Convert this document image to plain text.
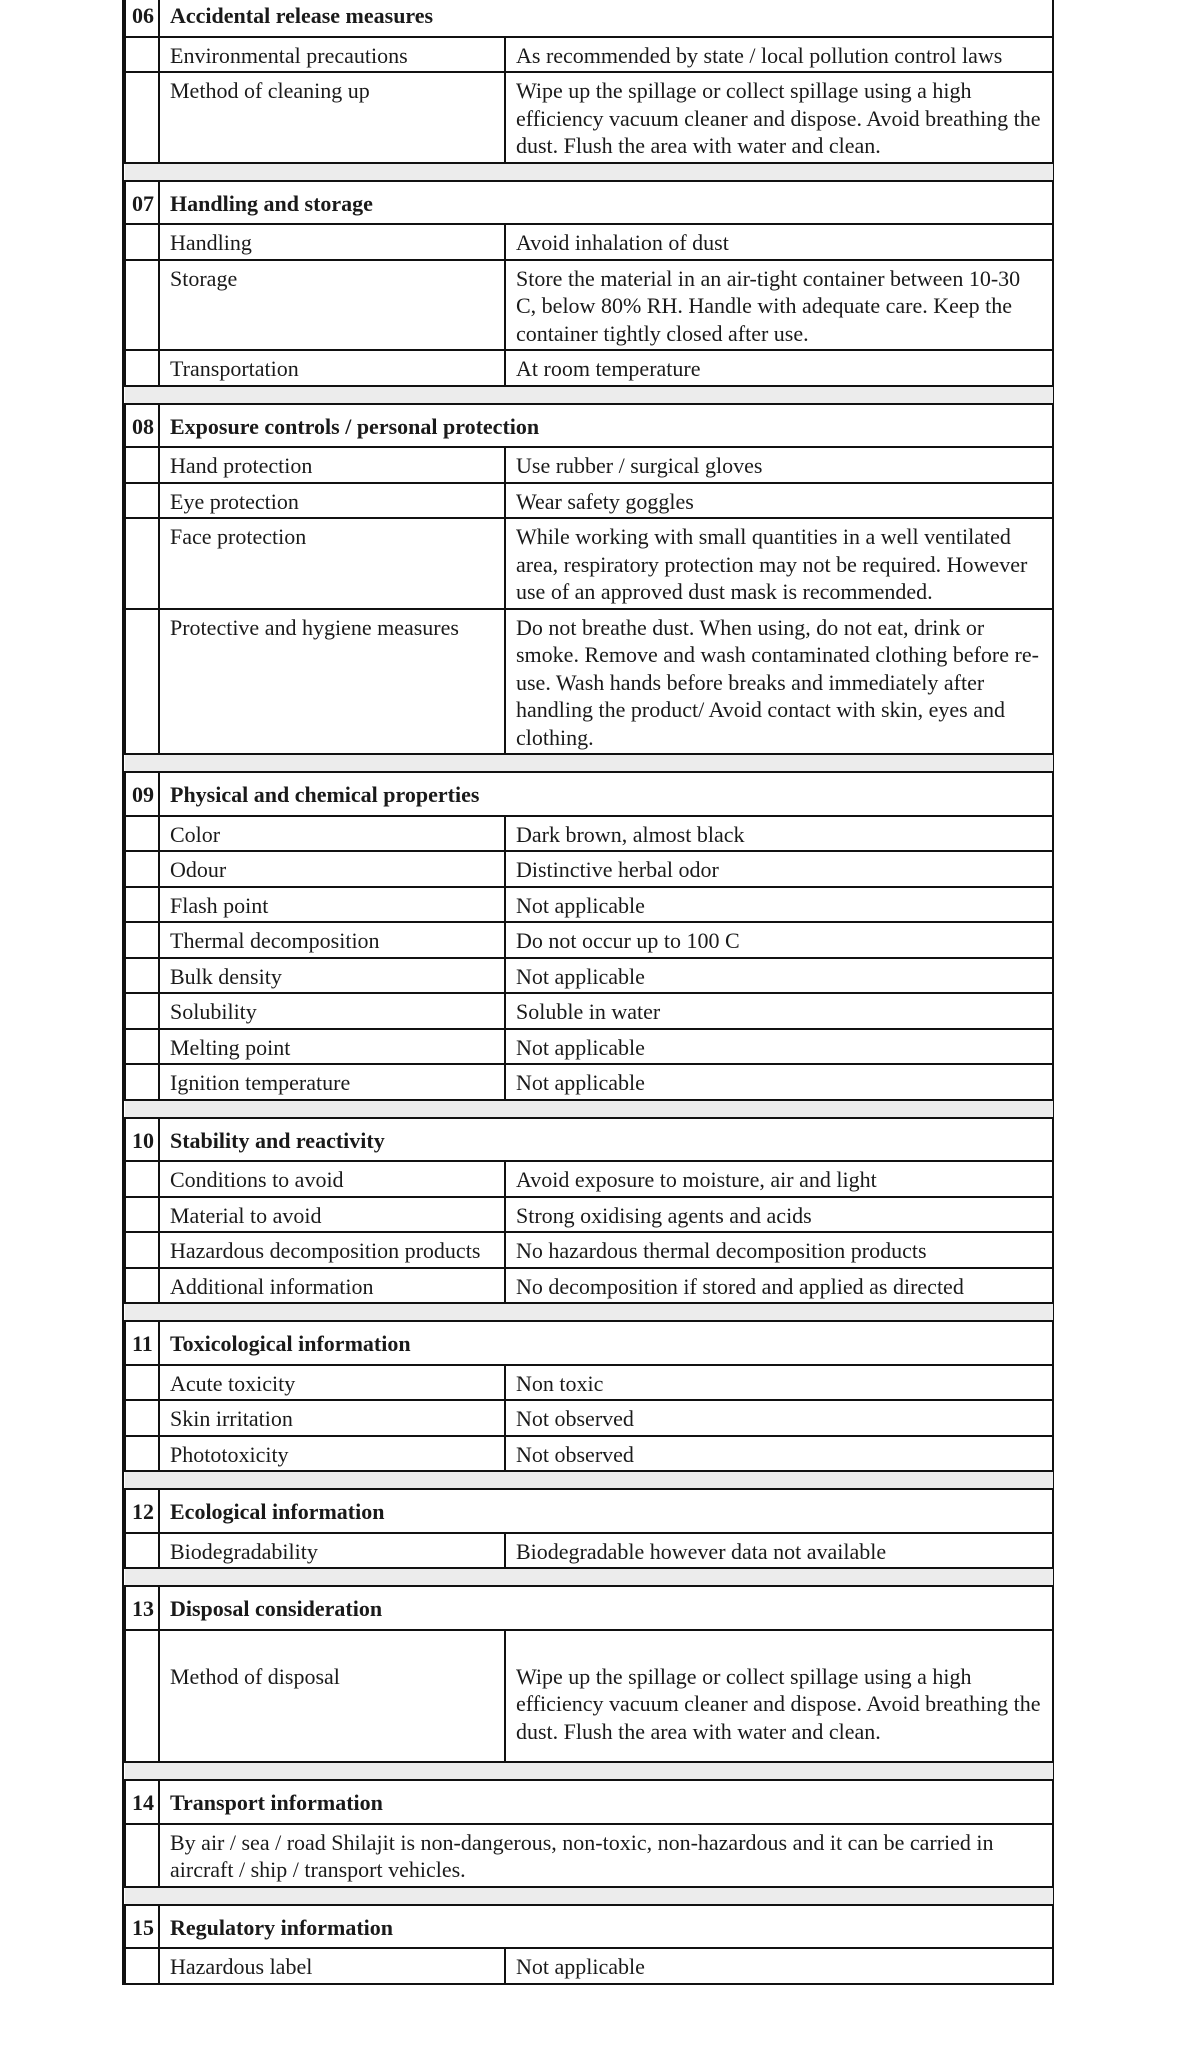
06	Accidental release measures	
	Environmental precautions	As recommended by state / local pollution control laws
	Method of cleaning up	Wipe up the spillage or collect spillage using a high efficiency vacuum cleaner and dispose. Avoid breathing the dust. Flush the area with water and clean.

07	Handling and storage	
	Handling	Avoid inhalation of dust
	Storage	Store the material in an air-tight container between 10-30 C, below 80% RH. Handle with adequate care. Keep the container tightly closed after use.
	Transportation	At room temperature

08	Exposure controls / personal protection	
	Hand protection	Use rubber / surgical gloves
	Eye protection	Wear safety goggles
	Face protection	While working with small quantities in a well ventilated area, respiratory protection may not be required. However use of an approved dust mask is recommended.
	Protective and hygiene measures	Do not breathe dust. When using, do not eat, drink or smoke. Remove and wash contaminated clothing before re-use. Wash hands before breaks and immediately after handling the product/ Avoid contact with skin, eyes and clothing.

09	Physical and chemical properties	
	Color	Dark brown, almost black
	Odour	Distinctive herbal odor
	Flash point	Not applicable
	Thermal decomposition	Do not occur up to 100 C
	Bulk density	Not applicable
	Solubility	Soluble in water
	Melting point	Not applicable
	Ignition temperature	Not applicable

10	Stability and reactivity	
	Conditions to avoid	Avoid exposure to moisture, air and light
	Material to avoid	Strong oxidising agents and acids
	Hazardous decomposition products	No hazardous thermal decomposition products
	Additional information	No decomposition if stored and applied as directed

11	Toxicological information	
	Acute toxicity	Non toxic
	Skin irritation	Not observed
	Phototoxicity	Not observed

12	Ecological information	
	Biodegradability	Biodegradable however data not available

13	Disposal consideration	
	Method of disposal	Wipe up the spillage or collect spillage using a high efficiency vacuum cleaner and dispose. Avoid breathing the dust. Flush the area with water and clean.

14	Transport information	
	By air / sea / road Shilajit is non-dangerous, non-toxic, non-hazardous and it can be carried in aircraft / ship / transport vehicles.	

15	Regulatory information	
	Hazardous label	Not applicable
